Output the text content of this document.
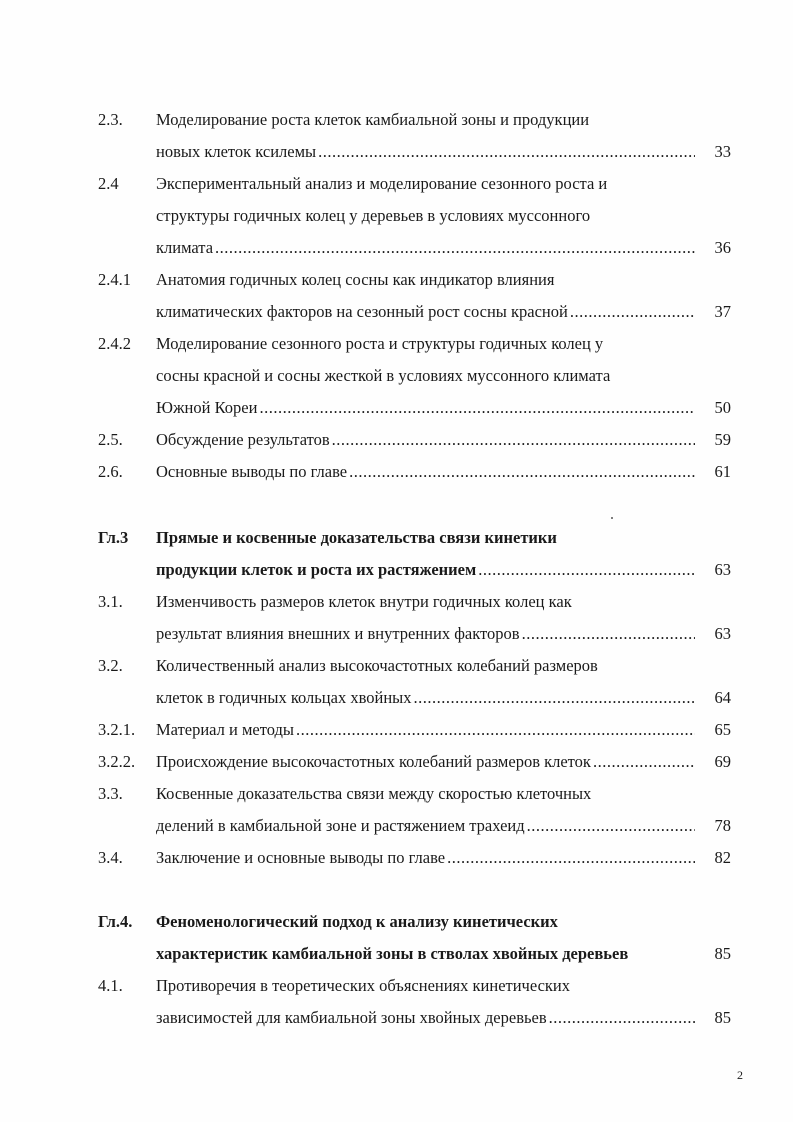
2.3. Моделирование роста клеток камбиальной зоны и продукции
новых клеток ксилемы .....	33
2.4 Экспериментальный анализ и моделирование сезонного роста и
структуры годичных колец у деревьев в условиях муссонного
климата .....	36
2.4.1 Анатомия годичных колец сосны как индикатор влияния
климатических факторов на сезонный рост сосны красной .....	37
2.4.2 Моделирование сезонного роста и структуры годичных колец у
сосны красной и сосны жесткой в условиях муссонного климата
Южной Кореи .....	50
2.5. Обсуждение результатов .....	59
2.6. Основные выводы по главе .....	61
Гл.3 Прямые и косвенные доказательства связи кинетики
продукции клеток и роста их растяжением .....	63
3.1. Изменчивость размеров клеток внутри годичных колец как
результат влияния внешних и внутренних факторов .....	63
3.2. Количественный анализ высокочастотных колебаний размеров
клеток в годичных кольцах хвойных .....	64
3.2.1. Материал и методы .....	65
3.2.2. Происхождение высокочастотных колебаний размеров клеток .....	69
3.3. Косвенные доказательства связи между скоростью клеточных
делений в камбиальной зоне и растяжением трахеид .....	78
3.4. Заключение и основные выводы по главе .....	82
Гл.4. Феноменологический подход к анализу кинетических
характеристик камбиальной зоны в стволах хвойных деревьев	85
4.1. Противоречия в теоретических объяснениях кинетических
зависимостей для камбиальной зоны хвойных деревьев .....	85
2
